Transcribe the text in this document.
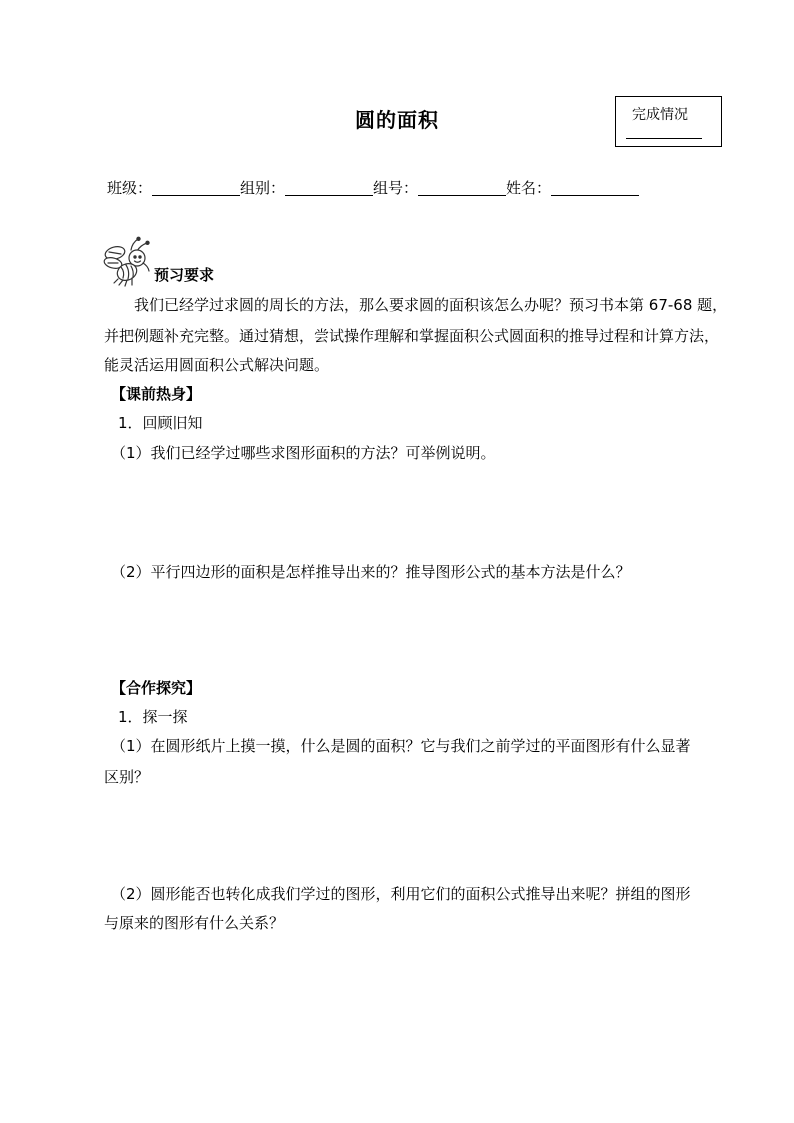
圆的面积	完成情况
班级：	组别：	组号：	姓名：
预习要求
我们已经学过求圆的周长的方法，那么要求圆的面积该怎么办呢？预习书本第 67-68 题，
并把例题补充完整。通过猜想，尝试操作理解和掌握面积公式圆面积的推导过程和计算方法，
能灵活运用圆面积公式解决问题。
【课前热身】
1．回顾旧知
（1）我们已经学过哪些求图形面积的方法？可举例说明。
（2）平行四边形的面积是怎样推导出来的？推导图形公式的基本方法是什么？
【合作探究】
1．探一探
（1）在圆形纸片上摸一摸，什么是圆的面积？它与我们之前学过的平面图形有什么显著
区别？
（2）圆形能否也转化成我们学过的图形，利用它们的面积公式推导出来呢？拼组的图形
与原来的图形有什么关系？
